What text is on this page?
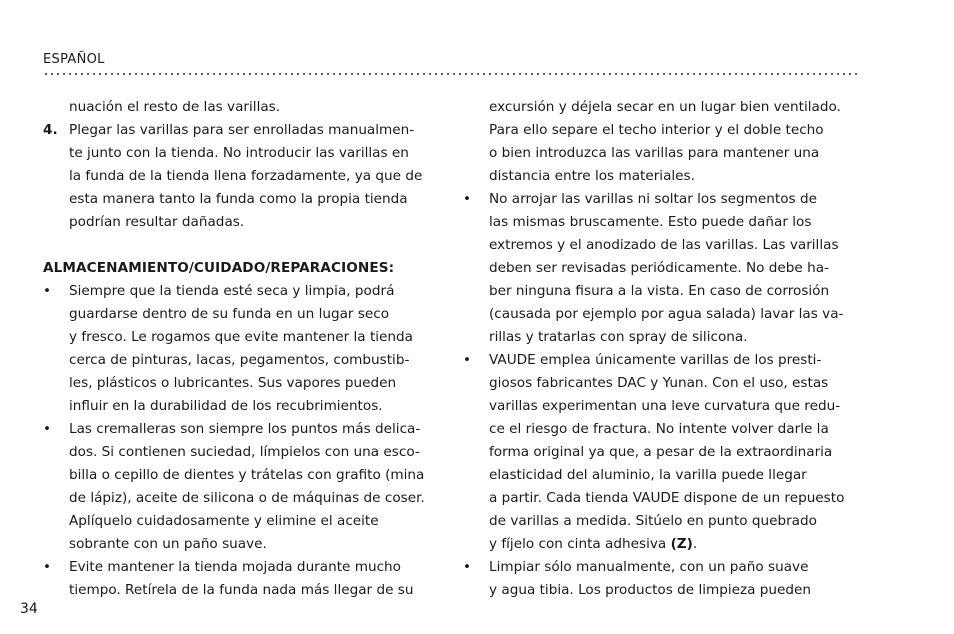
ESPAÑOL
nuación el resto de las varillas.
4. Plegar las varillas para ser enrolladas manualmen-
te junto con la tienda. No introducir las varillas en
la funda de la tienda llena forzadamente, ya que de
esta manera tanto la funda como la propia tienda
podrían resultar dañadas.
ALMACENAMIENTO/CUIDADO/REPARACIONES:
•	Siempre que la tienda esté seca y limpia, podrá
guardarse dentro de su funda en un lugar seco
y fresco. Le rogamos que evite mantener la tienda
cerca de pinturas, lacas, pegamentos, combustib-
les, plásticos o lubricantes. Sus vapores pueden
influir en la durabilidad de los recubrimientos.
•	Las cremalleras son siempre los puntos más delica-
dos. Si contienen suciedad, límpielos con una esco-
billa o cepillo de dientes y trátelas con grafito (mina
de lápiz), aceite de silicona o de máquinas de coser.
Aplíquelo cuidadosamente y elimine el aceite
sobrante con un paño suave.
•	Evite mantener la tienda mojada durante mucho
tiempo. Retírela de la funda nada más llegar de su
excursión y déjela secar en un lugar bien ventilado.
Para ello separe el techo interior y el doble techo
o bien introduzca las varillas para mantener una
distancia entre los materiales.
•	No arrojar las varillas ni soltar los segmentos de
las mismas bruscamente. Esto puede dañar los
extremos y el anodizado de las varillas. Las varillas
deben ser revisadas periódicamente. No debe ha-
ber ninguna fisura a la vista. En caso de corrosión
(causada por ejemplo por agua salada) lavar las va-
rillas y tratarlas con spray de silicona.
•	VAUDE emplea únicamente varillas de los presti-
giosos fabricantes DAC y Yunan. Con el uso, estas
varillas experimentan una leve curvatura que redu-
ce el riesgo de fractura. No intente volver darle la
forma original ya que, a pesar de la extraordinaria
elasticidad del aluminio, la varilla puede llegar
a partir. Cada tienda VAUDE dispone de un repuesto
de varillas a medida. Sitúelo en punto quebrado
y fíjelo con cinta adhesiva (Z).
•	Limpiar sólo manualmente, con un paño suave
y agua tibia. Los productos de limpieza pueden
34
